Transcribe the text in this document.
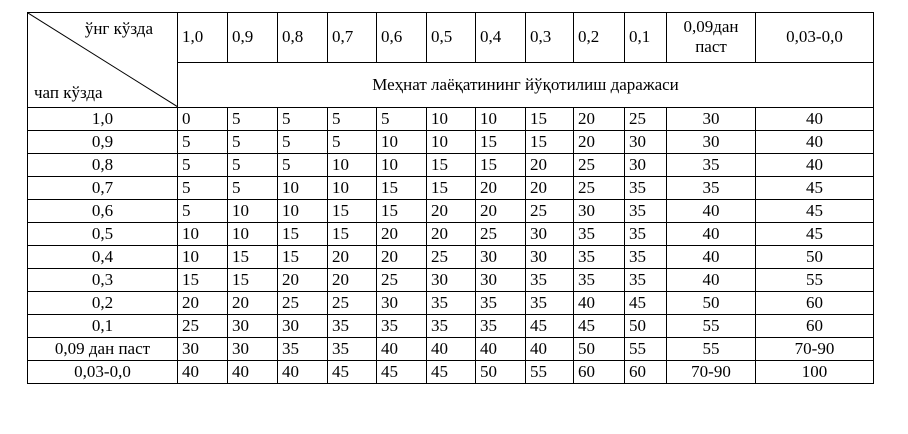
ўнг кўзда
чап кўзда	1,0	0,9	0,8	0,7	0,6	0,5	0,4	0,3	0,2	0,1	0,09дан паст	0,03-0,0
	Меҳнат лаёқатининг йўқотилиш даражаси											
1,0	0	5	5	5	5	10	10	15	20	25	30	40
0,9	5	5	5	5	10	10	15	15	20	30	30	40
0,8	5	5	5	10	10	15	15	20	25	30	35	40
0,7	5	5	10	10	15	15	20	20	25	35	35	45
0,6	5	10	10	15	15	20	20	25	30	35	40	45
0,5	10	10	15	15	20	20	25	30	35	35	40	45
0,4	10	15	15	20	20	25	30	30	35	35	40	50
0,3	15	15	20	20	25	30	30	35	35	35	40	55
0,2	20	20	25	25	30	35	35	35	40	45	50	60
0,1	25	30	30	35	35	35	35	45	45	50	55	60
0,09 дан паст	30	30	35	35	40	40	40	40	50	55	55	70-90
0,03-0,0	40	40	40	45	45	45	50	55	60	60	70-90	100
